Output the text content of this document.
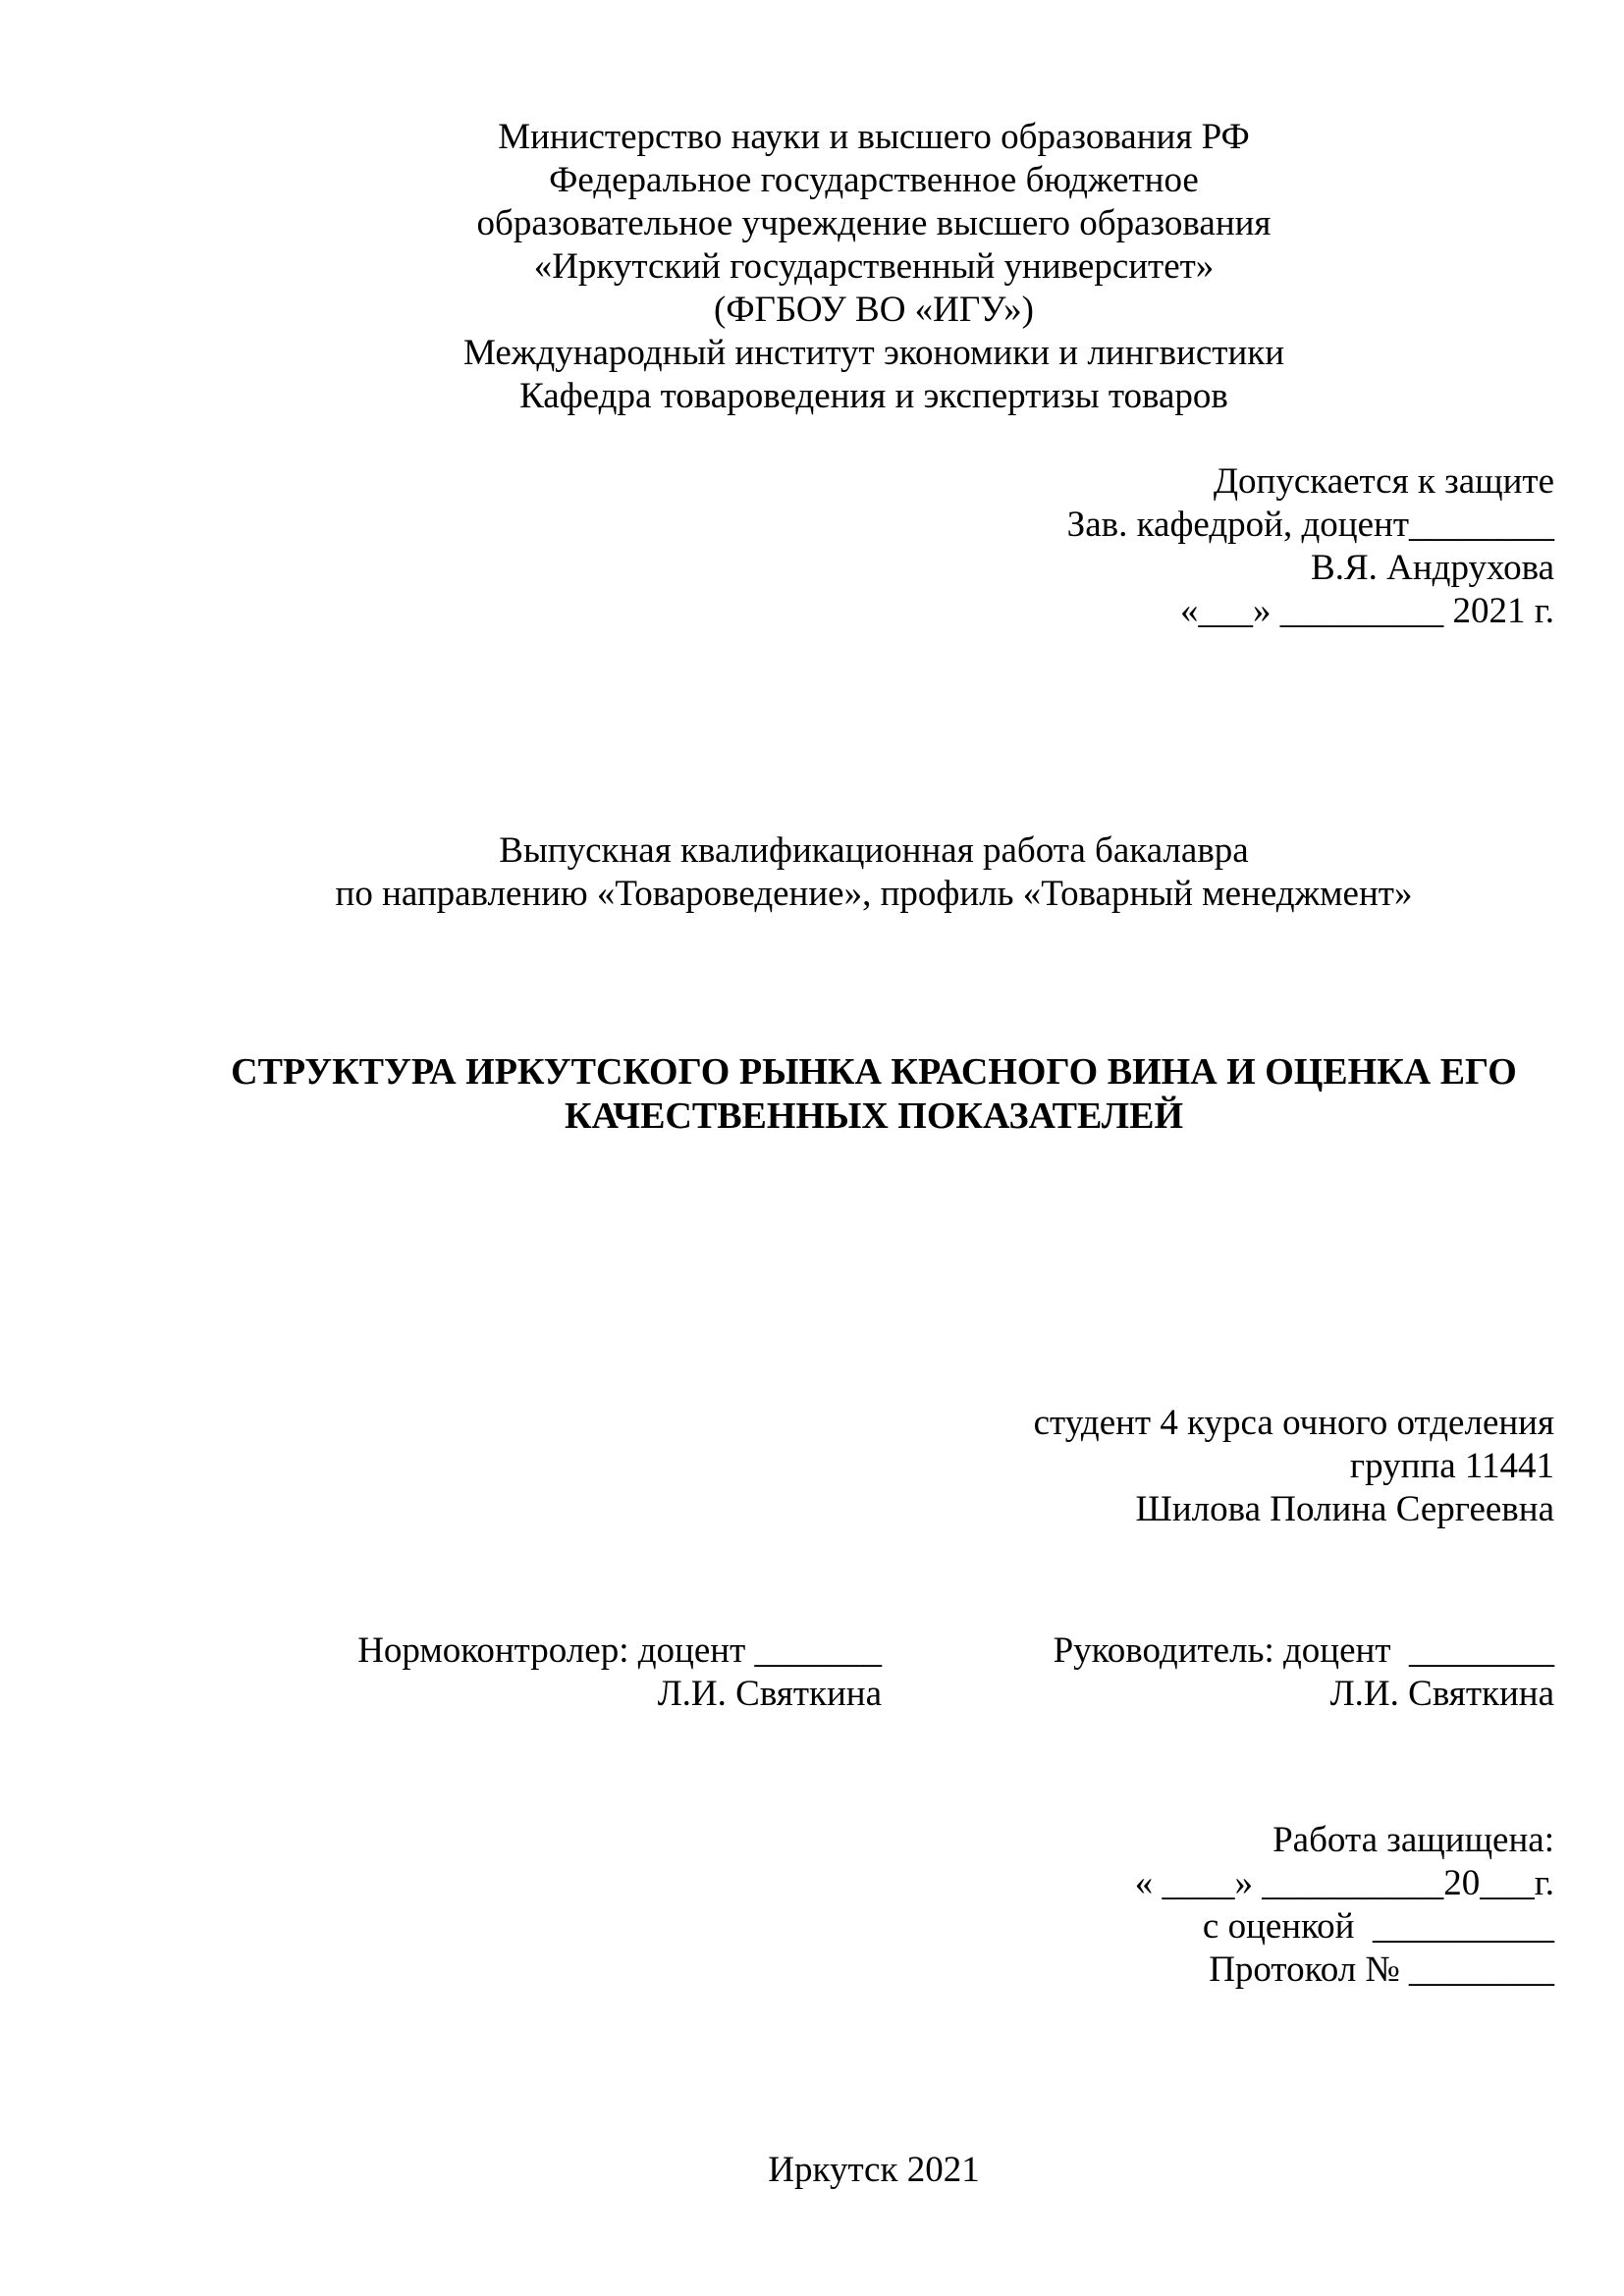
Министерство науки и высшего образования РФ
Федеральное государственное бюджетное
образовательное учреждение высшего образования
«Иркутский государственный университет»
(ФГБОУ ВО «ИГУ»)
Международный институт экономики и лингвистики
Кафедра товароведения и экспертизы товаров
Допускается к защите
Зав. кафедрой, доцент________
В.Я. Андрухова
«___» _________ 2021 г.
Выпускная квалификационная работа бакалавра
по направлению «Товароведение», профиль «Товарный менеджмент»
СТРУКТУРА ИРКУТСКОГО РЫНКА КРАСНОГО ВИНА И ОЦЕНКА ЕГО
КАЧЕСТВЕННЫХ ПОКАЗАТЕЛЕЙ
студент 4 курса очного отделения
группа 11441
Шилова Полина Сергеевна
Нормоконтролер: доцент _______
Л.И. Святкина
Руководитель: доцент  ________
Л.И. Святкина
Работа защищена:
« ____» __________20___г.
с оценкой  __________
Протокол № ________
Иркутск 2021
